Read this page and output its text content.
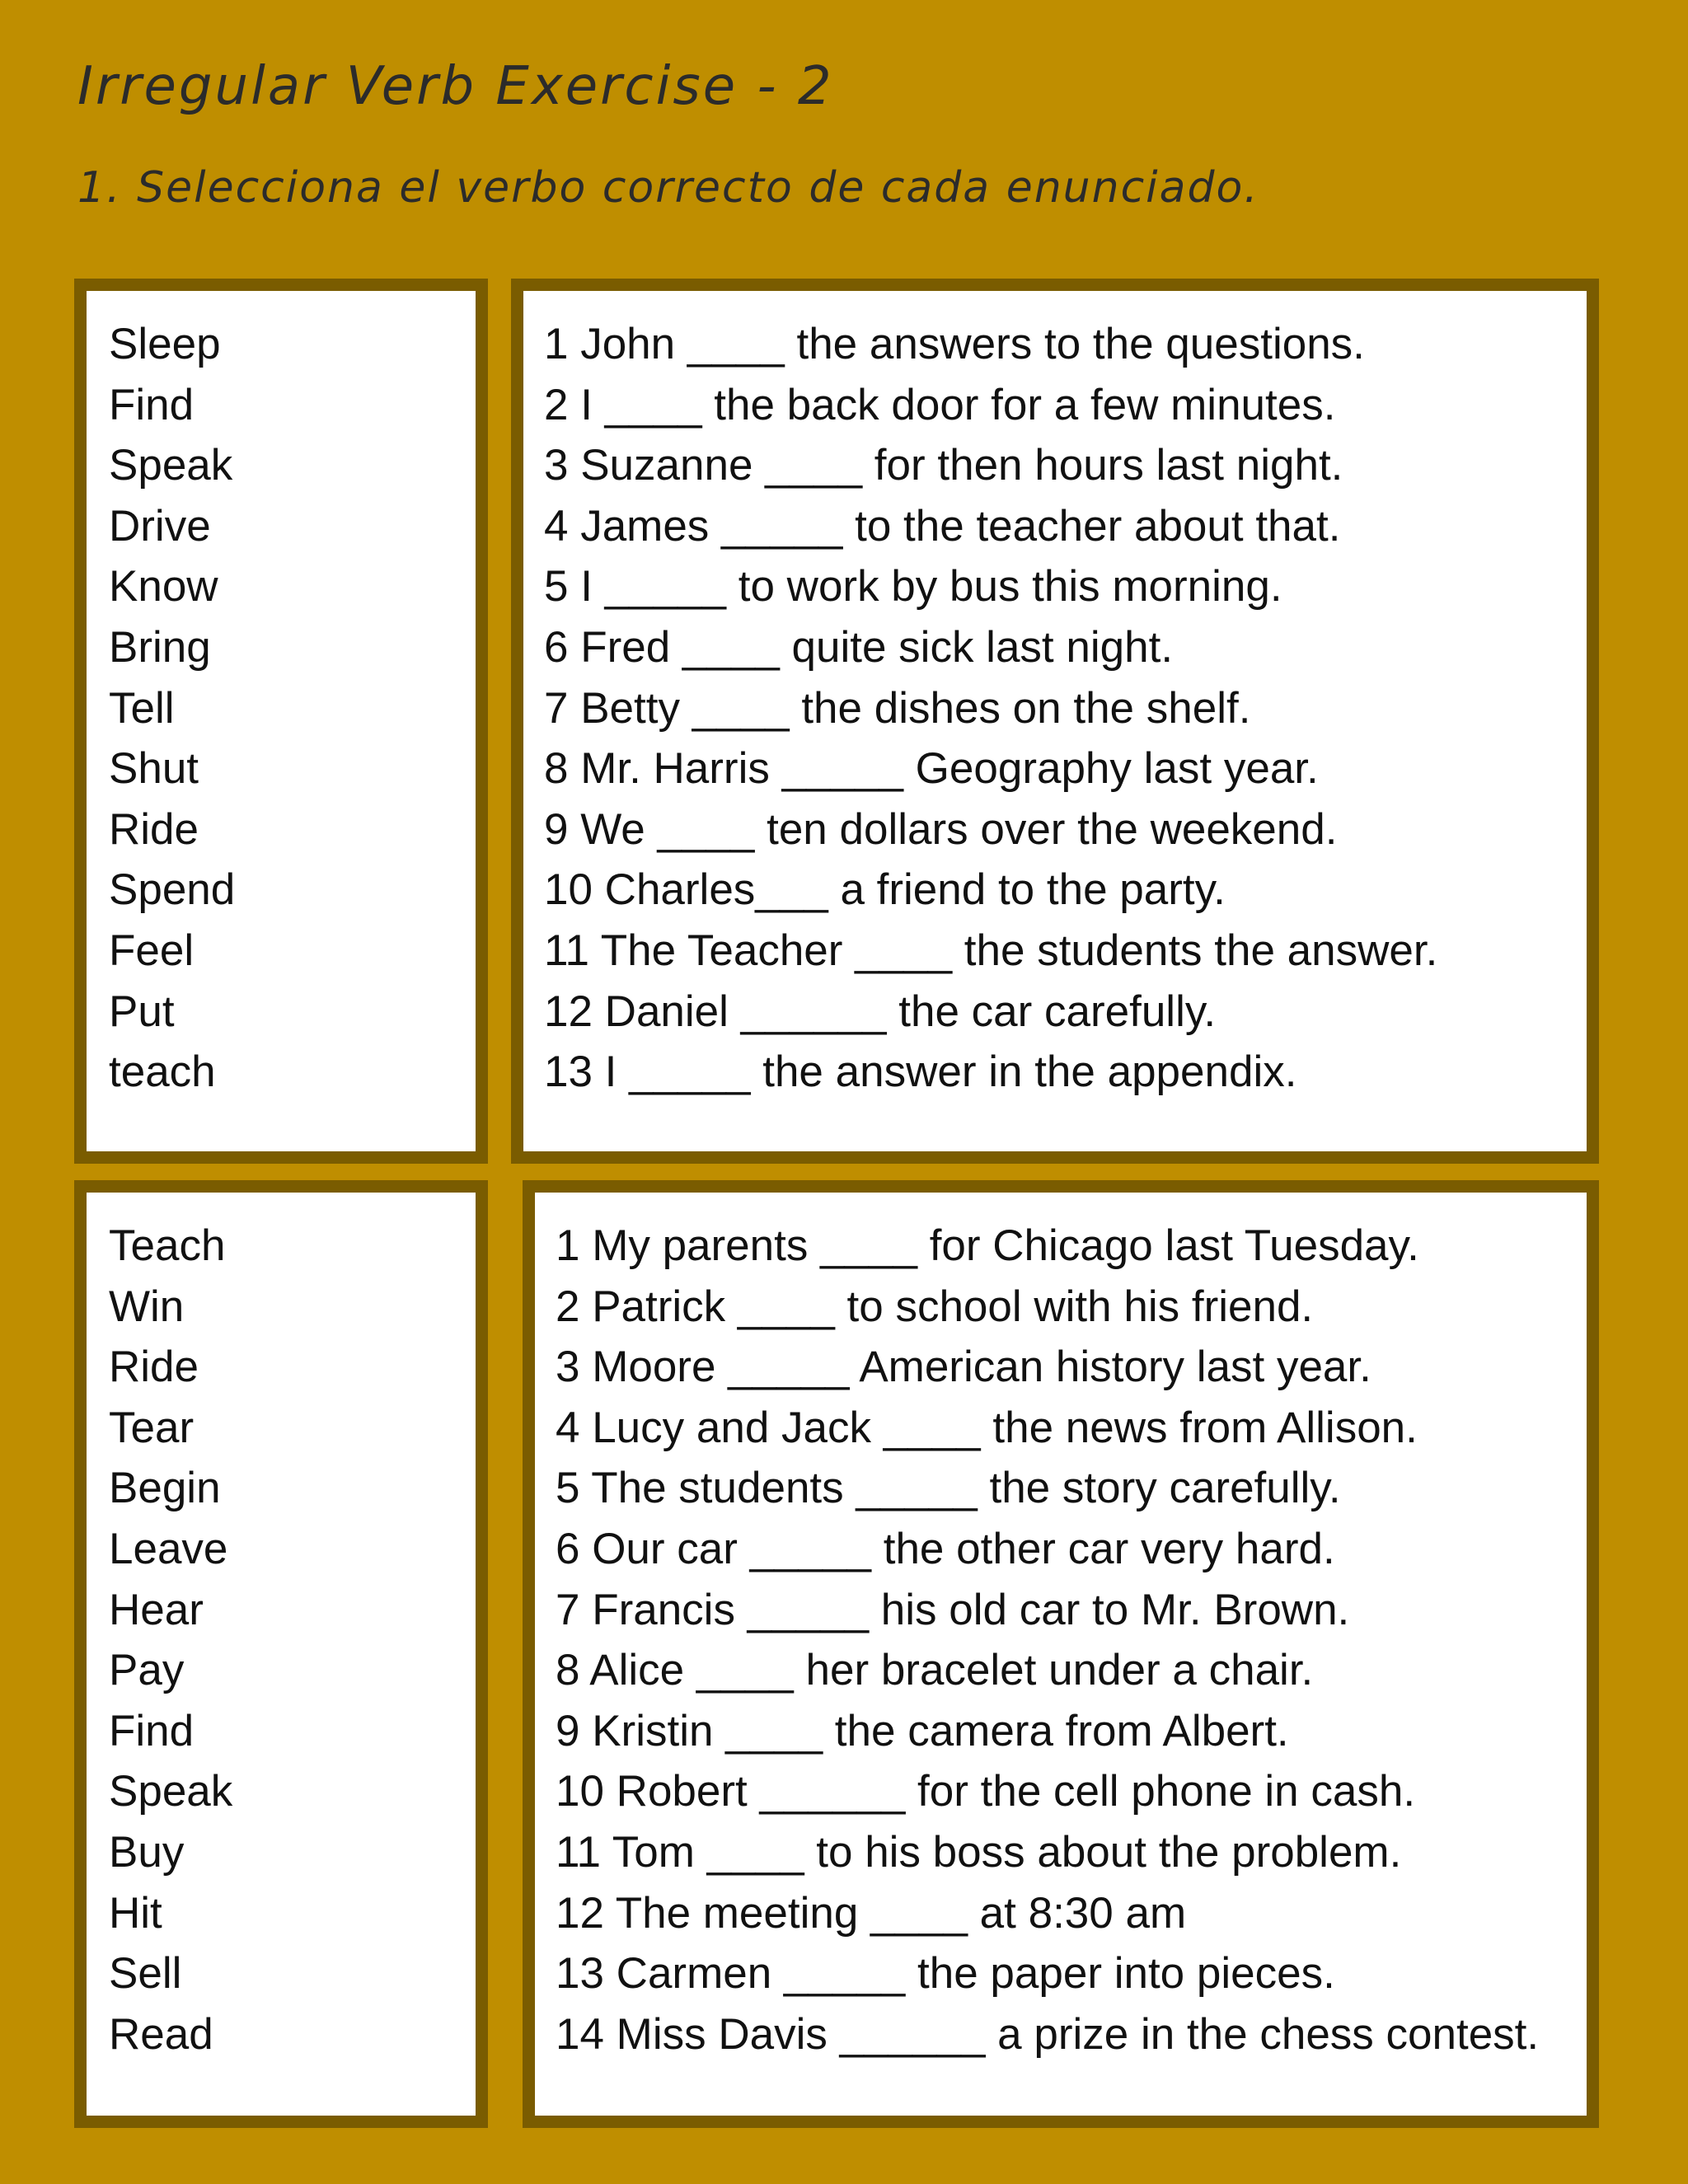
Irregular Verb Exercise - 2
1. Selecciona el verbo correcto de cada enunciado.
Sleep
Find
Speak
Drive
Know
Bring
Tell
Shut
Ride
Spend
Feel
Put
teach
1 John ____ the answers to the questions.
2 I ____ the back door for a few minutes.
3 Suzanne ____ for then hours last night.
4 James _____ to the teacher about that.
5 I _____ to work by bus this morning.
6 Fred ____ quite sick last night.
7 Betty ____ the dishes on the shelf.
8 Mr. Harris _____ Geography last year.
9 We ____ ten dollars over the weekend.
10 Charles___ a friend to the party.
11 The Teacher ____ the students the answer.
12 Daniel ______ the car carefully.
13 I _____ the answer in the appendix.
Teach
Win
Ride
Tear
Begin
Leave
Hear
Pay
Find
Speak
Buy
Hit
Sell
Read
1 My parents ____ for Chicago last Tuesday.
2 Patrick ____ to school with his friend.
3 Moore _____ American history last year.
4 Lucy and Jack ____ the news from Allison.
5 The students _____ the story carefully.
6 Our car _____ the other car very hard.
7 Francis _____ his old car to Mr. Brown.
8 Alice ____ her bracelet under a chair.
9 Kristin ____ the camera from Albert.
10 Robert ______ for the cell phone in cash.
11 Tom ____ to his boss about the problem.
12 The meeting ____ at 8:30 am
13 Carmen _____ the paper into pieces.
14 Miss Davis ______ a prize in the chess contest.
